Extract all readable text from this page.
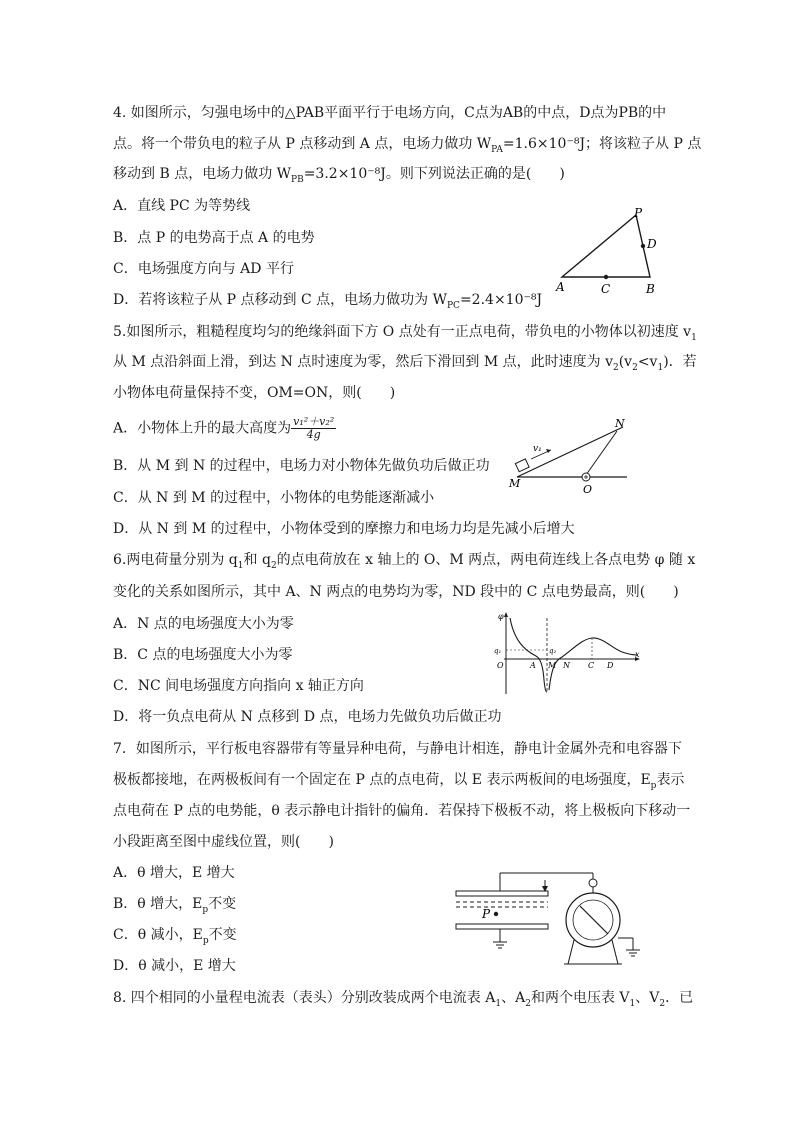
4. 如图所示，匀强电场中的△PAB平面平行于电场方向，C点为AB的中点，D点为PB的中
点。将一个带负电的粒子从 P 点移动到 A 点，电场力做功 $W_{PA}=1.6\times 10^{-8}J$；将该粒子从 P 点
移动到 B 点，电场力做功 $W_{PB}=3.2\times 10^{-8}J$。则下列说法正确的是(　　)
A．直线 PC 为等势线
B．点 P 的电势高于点 A 的电势
C．电场强度方向与 AD 平行
D．若将该粒子从 P 点移动到 C 点，电场力做功为 $W_{PC}=2.4\times 10^{-8}J$
P
D
A	C	B
5.如图所示，粗糙程度均匀的绝缘斜面下方 O 点处有一正点电荷，带负电的小物体以初速度 $v_1$
从 M 点沿斜面上滑，到达 N 点时速度为零，然后下滑回到 M 点，此时速度为 $v_2(v_2<v_1)$．若
小物体电荷量保持不变，OM=ON，则(　　)
A．小物体上升的最大高度为 $\frac{\text{v₁²＋v₂²}}{4g}$
B．从 M 到 N 的过程中，电场力对小物体先做负功后做正功
C．从 N 到 M 的过程中，小物体的电势能逐渐减小
D．从 N 到 M 的过程中，小物体受到的摩擦力和电场力均是先减小后增大
N
M	O
v₁
6.两电荷量分别为 $q_1$和 $q_2$的点电荷放在 x 轴上的 O、M 两点，两电荷连线上各点电势 φ 随 x
变化的关系如图所示，其中 A、N 两点的电势均为零，ND 段中的 C 点电势最高，则(　　)
A．N 点的电场强度大小为零
B．C 点的电场强度大小为零
C．NC 间电场强度方向指向 x 轴正方向
D．将一负点电荷从 N 点移到 D 点，电场力先做负功后做正功
φ
q₁	q₂
O	A M N C D
x
7．如图所示，平行板电容器带有等量异种电荷，与静电计相连，静电计金属外壳和电容器下
极板都接地，在两极板间有一个固定在 P 点的点电荷，以 E 表示两板间的电场强度，$E_p$表示
点电荷在 P 点的电势能，θ 表示静电计指针的偏角．若保持下极板不动，将上极板向下移动一
小段距离至图中虚线位置，则(　　)
A．θ 增大，E 增大
B．θ 增大，$E_p$不变
C．θ 减小，$E_p$不变
D．θ 减小，E 增大
P
8. 四个相同的小量程电流表（表头）分别改装成两个电流表 $A_1$、$A_2$和两个电压表 $V_1$、$V_2$．已
